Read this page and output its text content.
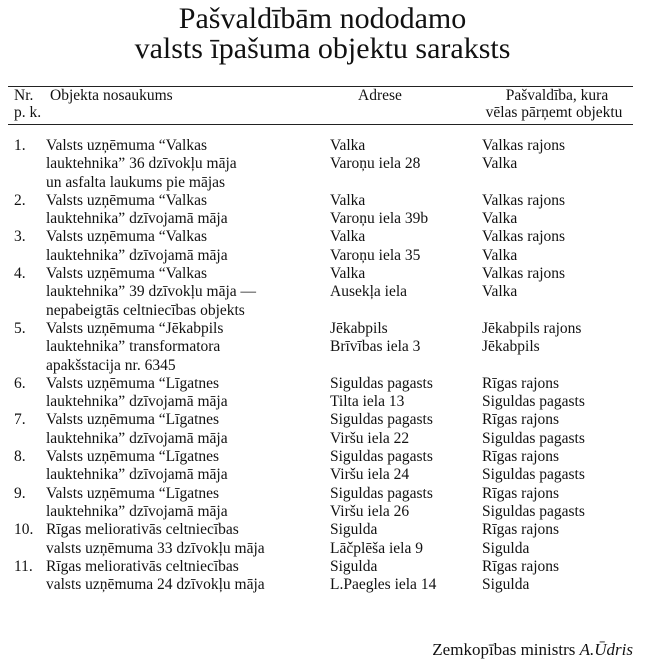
Pašvaldībām nododamo
valsts īpašuma objektu saraksts
Nr.
p. k.
Objekta nosaukums	Adrese	Pašvaldība, kura
vēlas pārņemt objektu
1. Valsts uzņēmuma “Valkas	Valka	Valkas rajons
lauktehnika” 36 dzīvokļu māja	Varoņu iela 28	Valka
un asfalta laukums pie mājas
2. Valsts uzņēmuma “Valkas	Valka	Valkas rajons
lauktehnika” dzīvojamā māja	Varoņu iela 39b	Valka
3. Valsts uzņēmuma “Valkas	Valka	Valkas rajons
lauktehnika” dzīvojamā māja	Varoņu iela 35	Valka
4. Valsts uzņēmuma “Valkas	Valka	Valkas rajons
lauktehnika” 39 dzīvokļu māja —	Ausekļa iela	Valka
nepabeigtās celtniecības objekts
5. Valsts uzņēmuma “Jēkabpils	Jēkabpils	Jēkabpils rajons
lauktehnika” transformatora	Brīvības iela 3	Jēkabpils
apakšstacija nr. 6345
6. Valsts uzņēmuma “Līgatnes	Siguldas pagasts	Rīgas rajons
lauktehnika” dzīvojamā māja	Tilta iela 13	Siguldas pagasts
7. Valsts uzņēmuma “Līgatnes	Siguldas pagasts	Rīgas rajons
lauktehnika” dzīvojamā māja	Viršu iela 22	Siguldas pagasts
8. Valsts uzņēmuma “Līgatnes	Siguldas pagasts	Rīgas rajons
lauktehnika” dzīvojamā māja	Viršu iela 24	Siguldas pagasts
9. Valsts uzņēmuma “Līgatnes	Siguldas pagasts	Rīgas rajons
lauktehnika” dzīvojamā māja	Viršu iela 26	Siguldas pagasts
10. Rīgas meliorativās celtniecības	Sigulda	Rīgas rajons
valsts uzņēmuma 33 dzīvokļu māja	Lāčplēša iela 9	Sigulda
11. Rīgas meliorativās celtniecības	Sigulda	Rīgas rajons
valsts uzņēmuma 24 dzīvokļu māja	L.Paegles iela 14	Sigulda
Zemkopības ministrs A.Ūdris
